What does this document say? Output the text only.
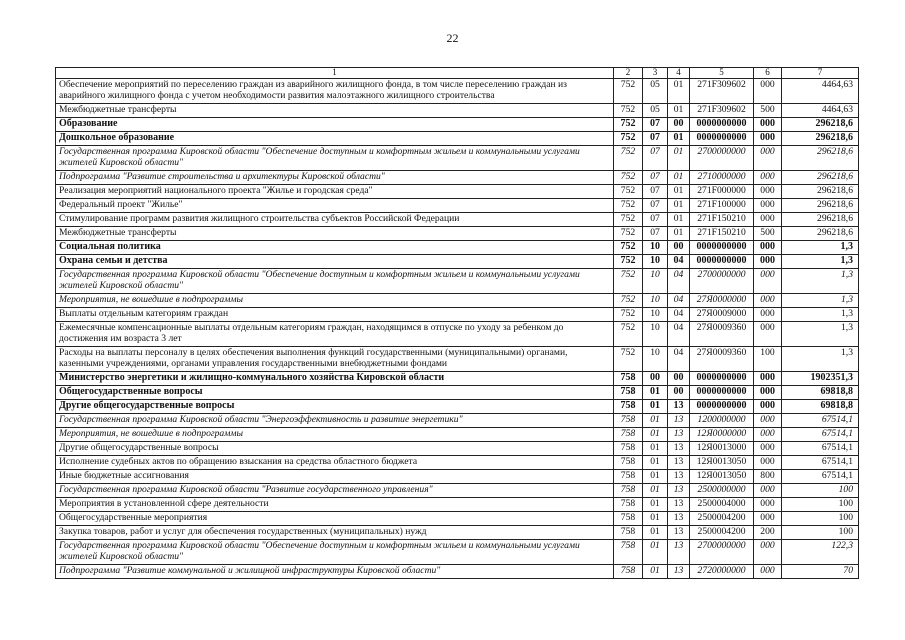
22
1	2	3	4	5	6	7
Обеспечение мероприятий по переселению граждан из аварийного жилищного фонда, в том числе переселению граждан из аварийного жилищного фонда с учетом необходимости развития малоэтажного жилищного строительства	752	05	01	271F309602	000	4464,63
Межбюджетные трансферты	752	05	01	271F309602	500	4464,63
Образование	752	07	00	0000000000	000	296218,6
Дошкольное образование	752	07	01	0000000000	000	296218,6
Государственная программа Кировской области "Обеспечение доступным и комфортным жильем и коммунальными услугами жителей Кировской области"	752	07	01	2700000000	000	296218,6
Подпрограмма "Развитие строительства и архитектуры Кировской области"	752	07	01	2710000000	000	296218,6
Реализация мероприятий национального проекта "Жилье и городская среда"	752	07	01	271F000000	000	296218,6
Федеральный проект "Жилье"	752	07	01	271F100000	000	296218,6
Стимулирование программ развития жилищного строительства субъектов Российской Федерации	752	07	01	271F150210	000	296218,6
Межбюджетные трансферты	752	07	01	271F150210	500	296218,6
Социальная политика	752	10	00	0000000000	000	1,3
Охрана семьи и детства	752	10	04	0000000000	000	1,3
Государственная программа Кировской области "Обеспечение доступным и комфортным жильем и коммунальными услугами жителей Кировской области"	752	10	04	2700000000	000	1,3
Мероприятия, не вошедшие в подпрограммы	752	10	04	27Я0000000	000	1,3
Выплаты отдельным категориям граждан	752	10	04	27Я0009000	000	1,3
Ежемесячные компенсационные выплаты отдельным категориям граждан, находящимся в отпуске по уходу за ребенком до достижения им возраста 3 лет	752	10	04	27Я0009360	000	1,3
Расходы на выплаты персоналу в целях обеспечения выполнения функций государственными (муниципальными) органами, казенными учреждениями, органами управления государственными внебюджетными фондами	752	10	04	27Я0009360	100	1,3
Министерство энергетики и жилищно-коммунального хозяйства Кировской области	758	00	00	0000000000	000	1902351,3
Общегосударственные вопросы	758	01	00	0000000000	000	69818,8
Другие общегосударственные вопросы	758	01	13	0000000000	000	69818,8
Государственная программа Кировской области "Энергоэффективность и развитие энергетики"	758	01	13	1200000000	000	67514,1
Мероприятия, не вошедшие в подпрограммы	758	01	13	12Я0000000	000	67514,1
Другие общегосударственные вопросы	758	01	13	12Я0013000	000	67514,1
Исполнение судебных актов по обращению взыскания на средства областного бюджета	758	01	13	12Я0013050	000	67514,1
Иные бюджетные ассигнования	758	01	13	12Я0013050	800	67514,1
Государственная программа Кировской области "Развитие государственного управления"	758	01	13	2500000000	000	100
Мероприятия в установленной сфере деятельности	758	01	13	2500004000	000	100
Общегосударственные мероприятия	758	01	13	2500004200	000	100
Закупка товаров, работ и услуг для обеспечения государственных (муниципальных) нужд	758	01	13	2500004200	200	100
Государственная программа Кировской области "Обеспечение доступным и комфортным жильем и коммунальными услугами жителей Кировской области"	758	01	13	2700000000	000	122,3
Подпрограмма "Развитие коммунальной и жилищной инфраструктуры Кировской области"	758	01	13	2720000000	000	70
